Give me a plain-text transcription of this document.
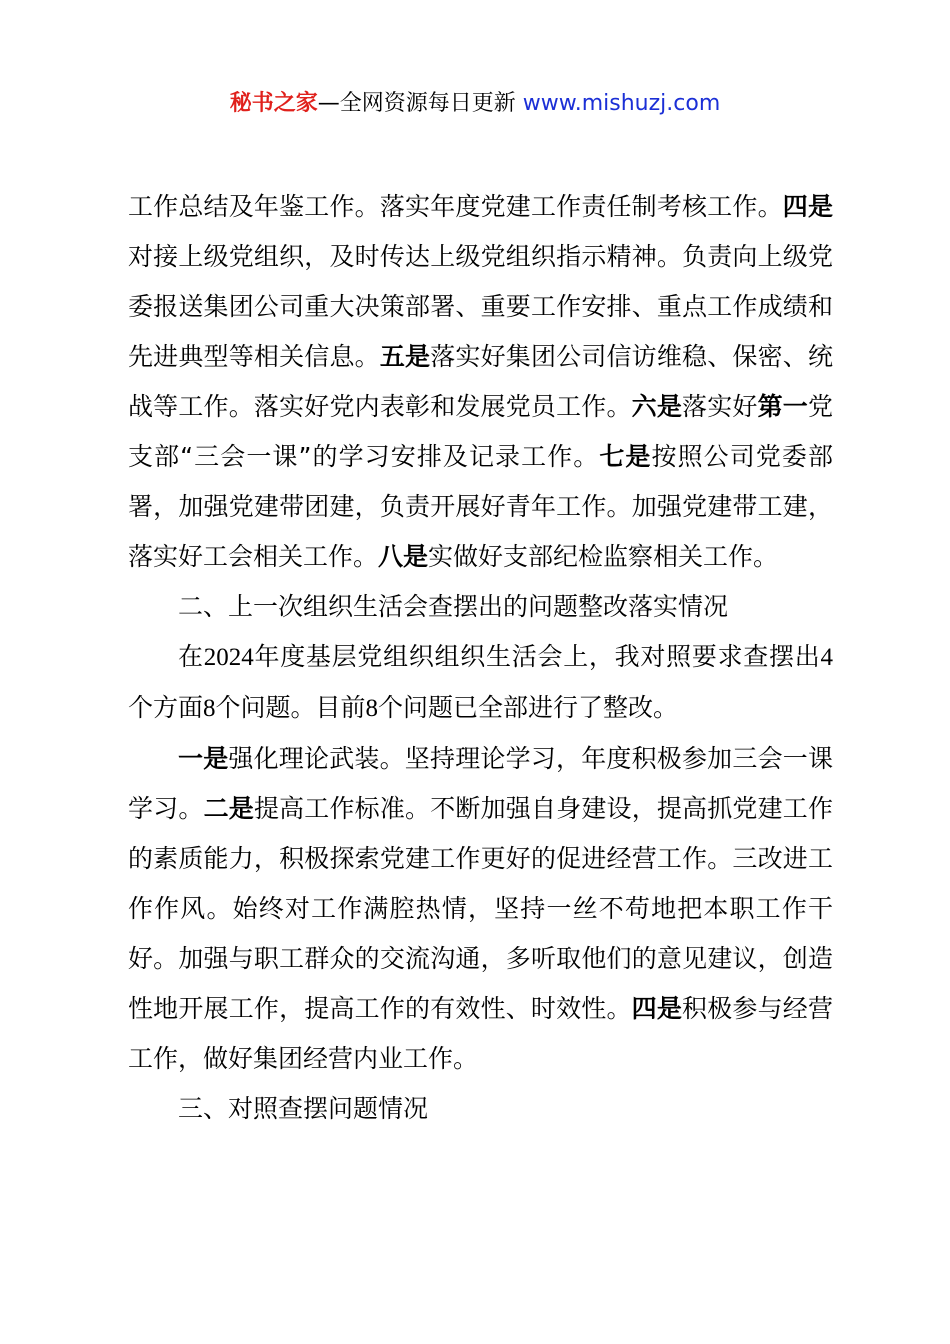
秘书之家—全网资源每日更新 www.mishuzj.com

工作总结及年鉴工作。落实年度党建工作责任制考核工作。四是对接上级党组织，及时传达上级党组织指示精神。负责向上级党委报送集团公司重大决策部署、重要工作安排、重点工作成绩和先进典型等相关信息。五是落实好集团公司信访维稳、保密、统战等工作。落实好党内表彰和发展党员工作。六是落实好第一党支部“三会一课”的学习安排及记录工作。七是按照公司党委部署，加强党建带团建，负责开展好青年工作。加强党建带工建，落实好工会相关工作。八是实做好支部纪检监察相关工作。

二、上一次组织生活会查摆出的问题整改落实情况

在2024年度基层党组织组织生活会上，我对照要求查摆出4个方面8个问题。目前8个问题已全部进行了整改。

一是强化理论武装。坚持理论学习，年度积极参加三会一课学习。二是提高工作标准。不断加强自身建设，提高抓党建工作的素质能力，积极探索党建工作更好的促进经营工作。三改进工作作风。始终对工作满腔热情，坚持一丝不苟地把本职工作干好。加强与职工群众的交流沟通，多听取他们的意见建议，创造性地开展工作，提高工作的有效性、时效性。四是积极参与经营工作，做好集团经营内业工作。

三、对照查摆问题情况
